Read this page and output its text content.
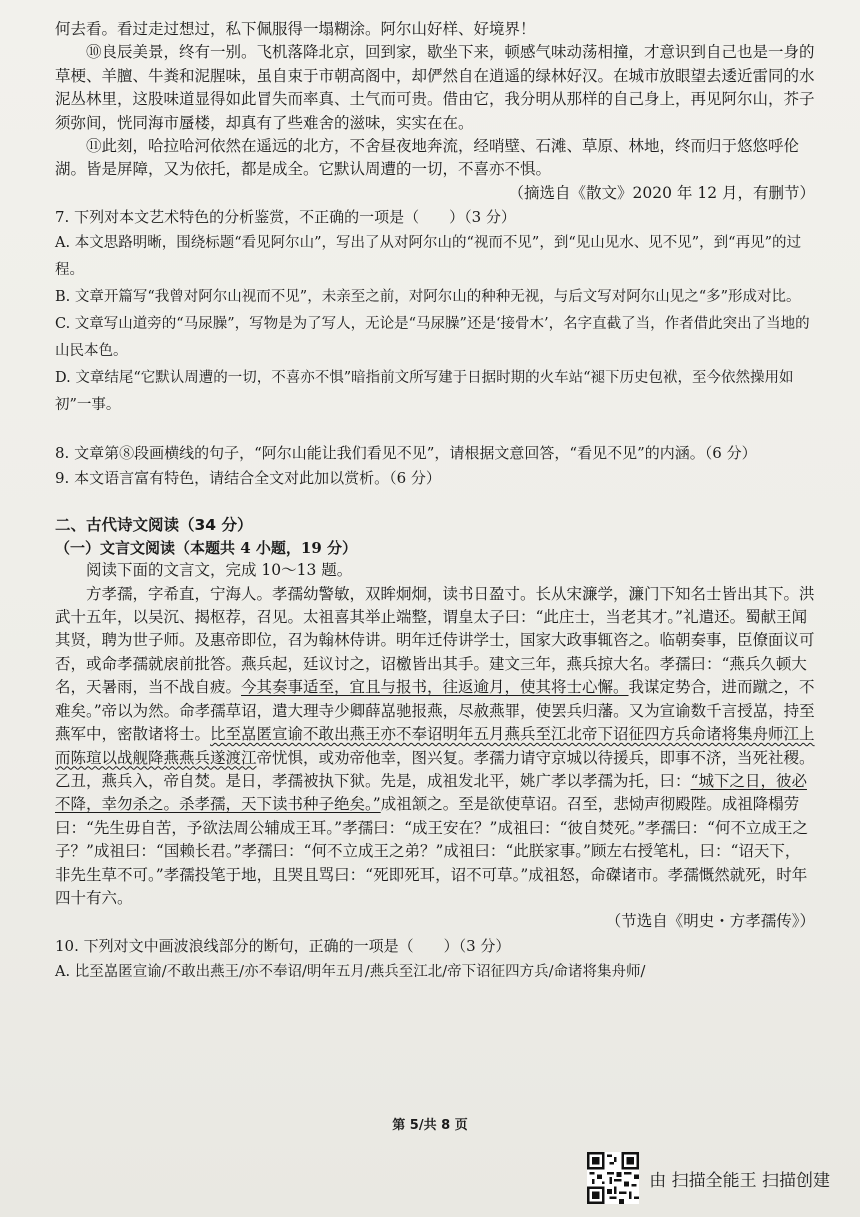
何去看。看过走过想过，私下佩服得一塌糊涂。阿尔山好样、好境界！

⑩良辰美景，终有一别。飞机落降北京，回到家，歇坐下来，顿感气味动荡相撞，才意识到自己也是一身的草梗、羊膻、牛粪和泥腥味，虽自束于市朝高阁中，却俨然自在逍遥的绿林好汉。在城市放眼望去逶近雷同的水泥丛林里，这股味道显得如此冒失而率真、土气而可贵。借由它，我分明从那样的自己身上，再见阿尔山，芥子须弥间，恍同海市蜃楼，却真有了些难舍的滋味，实实在在。

⑪此刻，哈拉哈河依然在遥远的北方，不舍昼夜地奔流，经哨壁、石滩、草原、林地，终而归于悠悠呼伦湖。皆是屏障，又为依托，都是成全。它默认周遭的一切，不喜亦不惧。

（摘选自《散文》2020 年 12 月，有删节）

7. 下列对本文艺术特色的分析鉴赏，不正确的一项是（　　）（3 分）

A. 本文思路明晰，围绕标题“看见阿尔山”，写出了从对阿尔山的“视而不见”，到“见山见水、见不见”，到“再见”的过程。

B. 文章开篇写“我曾对阿尔山视而不见”，未亲至之前，对阿尔山的种种无视，与后文写对阿尔山见之“多”形成对比。

C. 文章写山道旁的“马尿臊”，写物是为了写人，无论是“马尿臊”还是‘接骨木’，名字直截了当，作者借此突出了当地的山民本色。

D. 文章结尾“它默认周遭的一切，不喜亦不惧”暗指前文所写建于日据时期的火车站“褪下历史包袱，至今依然操用如初”一事。

8. 文章第⑧段画横线的句子，“阿尔山能让我们看见不见”，请根据文意回答，“看见不见”的内涵。（6 分）

9. 本文语言富有特色，请结合全文对此加以赏析。（6 分）

二、古代诗文阅读（34 分）

（一）文言文阅读（本题共 4 小题，19 分）

阅读下面的文言文，完成 10～13 题。

方孝孺，字希直，宁海人。孝孺幼警敏，双眸炯炯，读书日盈寸。长从宋濂学，濂门下知名士皆出其下。洪武十五年，以吴沉、揭枢荐，召见。太祖喜其举止端整，谓皇太子曰：“此庄士，当老其才。”礼遣还。蜀献王闻其贤，聘为世子师。及惠帝即位，召为翰林侍讲。明年迁侍讲学士，国家大政事辄咨之。临朝奏事，臣僚面议可否，或命孝孺就扆前批答。燕兵起，廷议讨之，诏檄皆出其手。建文三年，燕兵掠大名。孝孺曰：“燕兵久顿大名，天暑雨，当不战自疲。今其奏事适至，宜且与报书，往返逾月，使其将士心懈。我谋定势合，进而蹴之，不难矣。”帝以为然。命孝孺草诏，遣大理寺少卿薛嵓驰报燕，尽赦燕罪，使罢兵归藩。又为宣谕数千言授嵓，持至燕军中，密散诸将士。比至嵓匿宣谕不敢出燕王亦不奉诏明年五月燕兵至江北帝下诏征四方兵命诸将集舟师江上而陈瑄以战舰降燕燕兵遂渡江帝忧惧，或劝帝他幸，图兴复。孝孺力请守京城以待援兵，即事不济，当死社稷。乙丑，燕兵入，帝自焚。是日，孝孺被执下狱。先是，成祖发北平，姚广孝以孝孺为托，曰：“城下之日，彼必不降，幸勿杀之。杀孝孺，天下读书种子绝矣。”成祖颔之。至是欲使草诏。召至，悲恸声彻殿陛。成祖降榻劳曰：“先生毋自苦，予欲法周公辅成王耳。”孝孺曰：“成王安在？”成祖曰：“彼自焚死。”孝孺曰：“何不立成王之子？”成祖曰：“国赖长君。”孝孺曰：“何不立成王之弟？”成祖曰：“此朕家事。”顾左右授笔札，曰：“诏天下，非先生草不可。”孝孺投笔于地，且哭且骂曰：“死即死耳，诏不可草。”成祖怒，命磔诸市。孝孺慨然就死，时年四十有六。

（节选自《明史・方孝孺传》）

10. 下列对文中画波浪线部分的断句，正确的一项是（　　）（3 分）

A. 比至嵓匿宣谕/不敢出燕王/亦不奉诏/明年五月/燕兵至江北/帝下诏征四方兵/命诸将集舟师/

第 5/共 8 页
由 扫描全能王 扫描创建
